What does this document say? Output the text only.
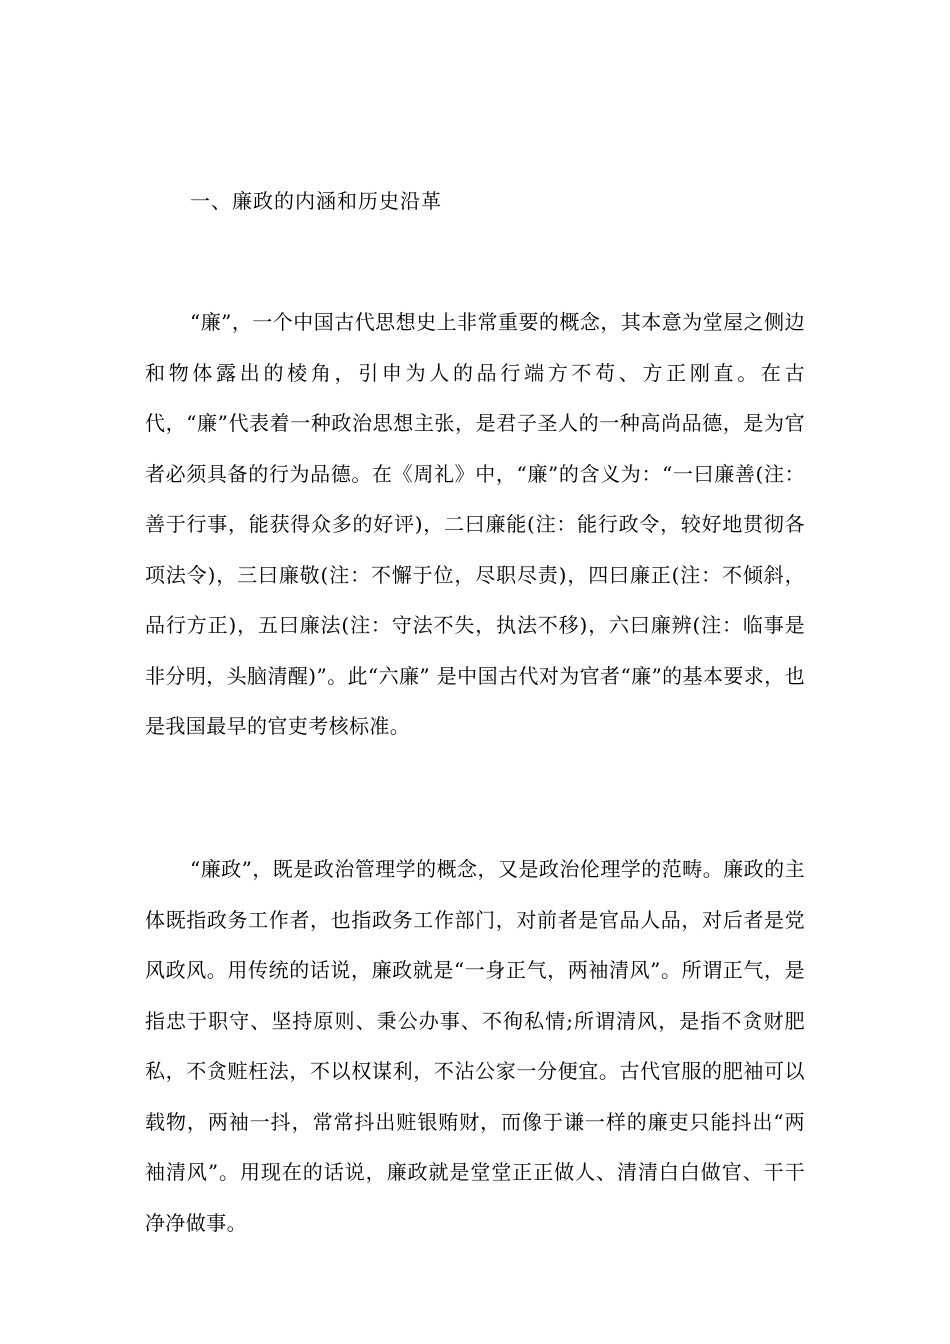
一、廉政的内涵和历史沿革

“廉”，一个中国古代思想史上非常重要的概念，其本意为堂屋之侧边和物体露出的棱角，引申为人的品行端方不苟、方正刚直。在古代，“廉”代表着一种政治思想主张，是君子圣人的一种高尚品德，是为官者必须具备的行为品德。在《周礼》中，“廉”的含义为：“一曰廉善(注：善于行事，能获得众多的好评)，二曰廉能(注：能行政令，较好地贯彻各项法令)，三曰廉敬(注：不懈于位，尽职尽责)，四曰廉正(注：不倾斜，品行方正)，五曰廉法(注：守法不失，执法不移)，六曰廉辨(注：临事是非分明，头脑清醒)”。此“六廉” 是中国古代对为官者“廉”的基本要求，也是我国最早的官吏考核标准。

“廉政”，既是政治管理学的概念，又是政治伦理学的范畴。廉政的主体既指政务工作者，也指政务工作部门，对前者是官品人品，对后者是党风政风。用传统的话说，廉政就是“一身正气，两袖清风”。所谓正气，是指忠于职守、坚持原则、秉公办事、不徇私情;所谓清风，是指不贪财肥私，不贪赃枉法，不以权谋利，不沾公家一分便宜。古代官服的肥袖可以载物，两袖一抖，常常抖出赃银贿财，而像于谦一样的廉吏只能抖出“两袖清风”。用现在的话说，廉政就是堂堂正正做人、清清白白做官、干干净净做事。
